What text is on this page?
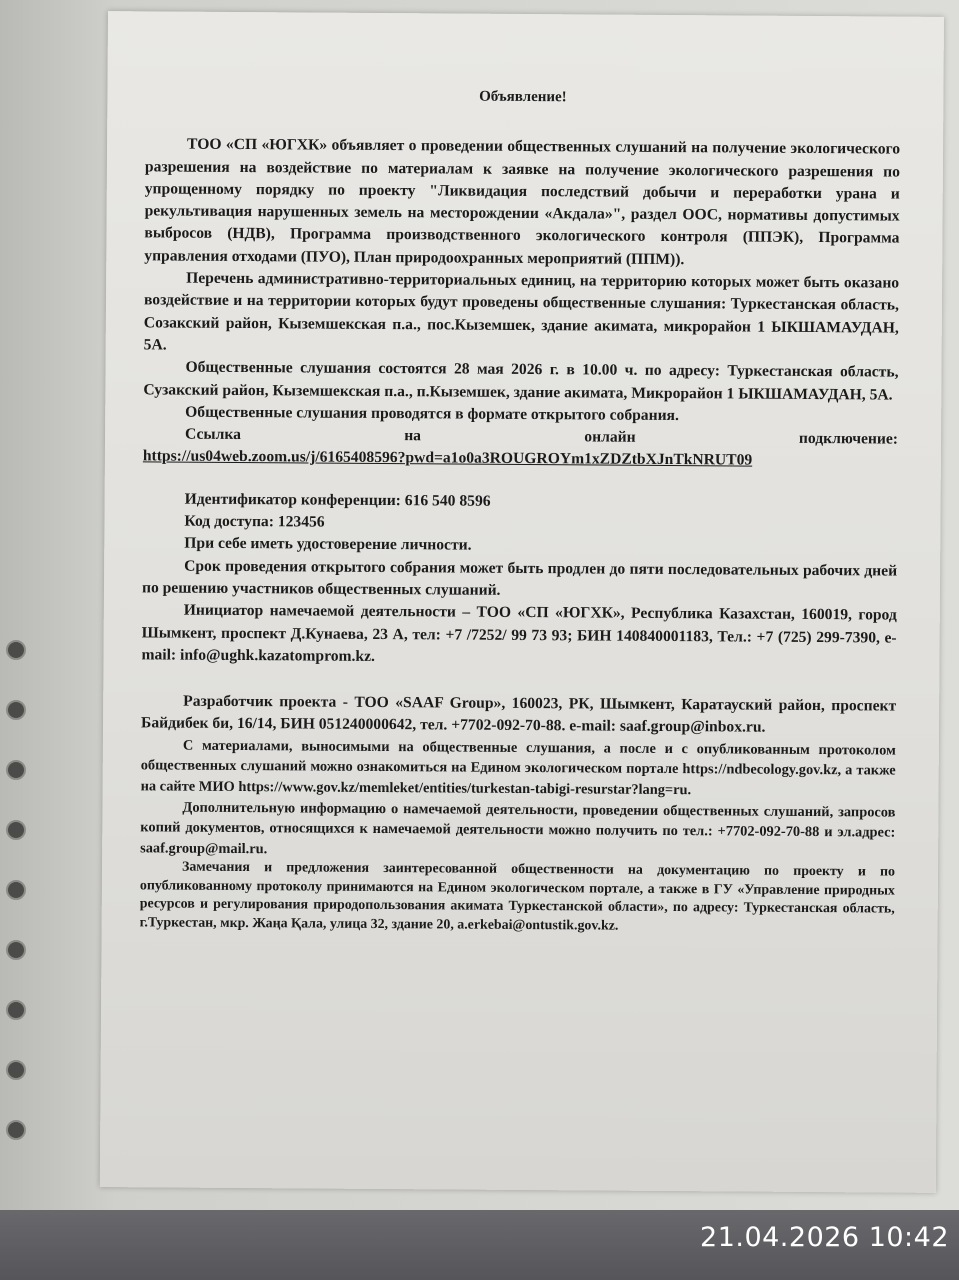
Объявление!

ТОО «СП «ЮГХК» объявляет о проведении общественных слушаний на получение экологического разрешения на воздействие по материалам к заявке на получение экологического разрешения по упрощенному порядку по проекту "Ликвидация последствий добычи и переработки урана и рекультивация нарушенных земель на месторождении «Акдала»", раздел ООС, нормативы допустимых выбросов (НДВ), Программа производственного экологического контроля (ППЭК), Программа управления отходами (ПУО), План природоохранных мероприятий (ППМ)).

Перечень административно-территориальных единиц, на территорию которых может быть оказано воздействие и на территории которых будут проведены общественные слушания: Туркестанская область, Созакский район, Кыземшекская п.а., пос.Кыземшек, здание акимата, микрорайон 1 ЫКШАМАУДАН, 5А.

Общественные слушания состоятся 28 мая 2026 г. в 10.00 ч. по адресу: Туркестанская область, Сузакский район, Кыземшекская п.а., п.Кыземшек, здание акимата, Микрорайон 1 ЫКШАМАУДАН, 5А.

Общественные слушания проводятся в формате открытого собрания.

Ссылка на онлайн подключение:

https://us04web.zoom.us/j/6165408596?pwd=a1o0a3ROUGROYm1xZDZtbXJnTkNRUT09

Идентификатор конференции: 616 540 8596

Код доступа: 123456

При себе иметь удостоверение личности.

Срок проведения открытого собрания может быть продлен до пяти последовательных рабочих дней по решению участников общественных слушаний.

Инициатор намечаемой деятельности – ТОО «СП «ЮГХК», Республика Казахстан, 160019, город Шымкент, проспект Д.Кунаева, 23 А, тел: +7 /7252/ 99 73 93; БИН 140840001183, Тел.: +7 (725) 299-7390, e-mail: info@ughk.kazatomprom.kz.

Разработчик проекта - ТОО «SAAF Group», 160023, РК, Шымкент, Каратауский район, проспект Байдибек би, 16/14, БИН 051240000642, тел. +7702-092-70-88. e-mail: saaf.group@inbox.ru.

С материалами, выносимыми на общественные слушания, а после и с опубликованным протоколом общественных слушаний можно ознакомиться на Едином экологическом портале https://ndbecology.gov.kz, а также на сайте МИО https://www.gov.kz/memleket/entities/turkestan-tabigi-resurstar?lang=ru.

Дополнительную информацию о намечаемой деятельности, проведении общественных слушаний, запросов копий документов, относящихся к намечаемой деятельности можно получить по тел.: +7702-092-70-88 и эл.адрес: saaf.group@mail.ru.

Замечания и предложения заинтересованной общественности на документацию по проекту и по опубликованному протоколу принимаются на Едином экологическом портале, а также в ГУ «Управление природных ресурсов и регулирования природопользования акимата Туркестанской области», по адресу: Туркестанская область, г.Туркестан, мкр. Жаңа Қала, улица 32, здание 20, a.erkebai@ontustik.gov.kz.

21.04.2026 10:42
